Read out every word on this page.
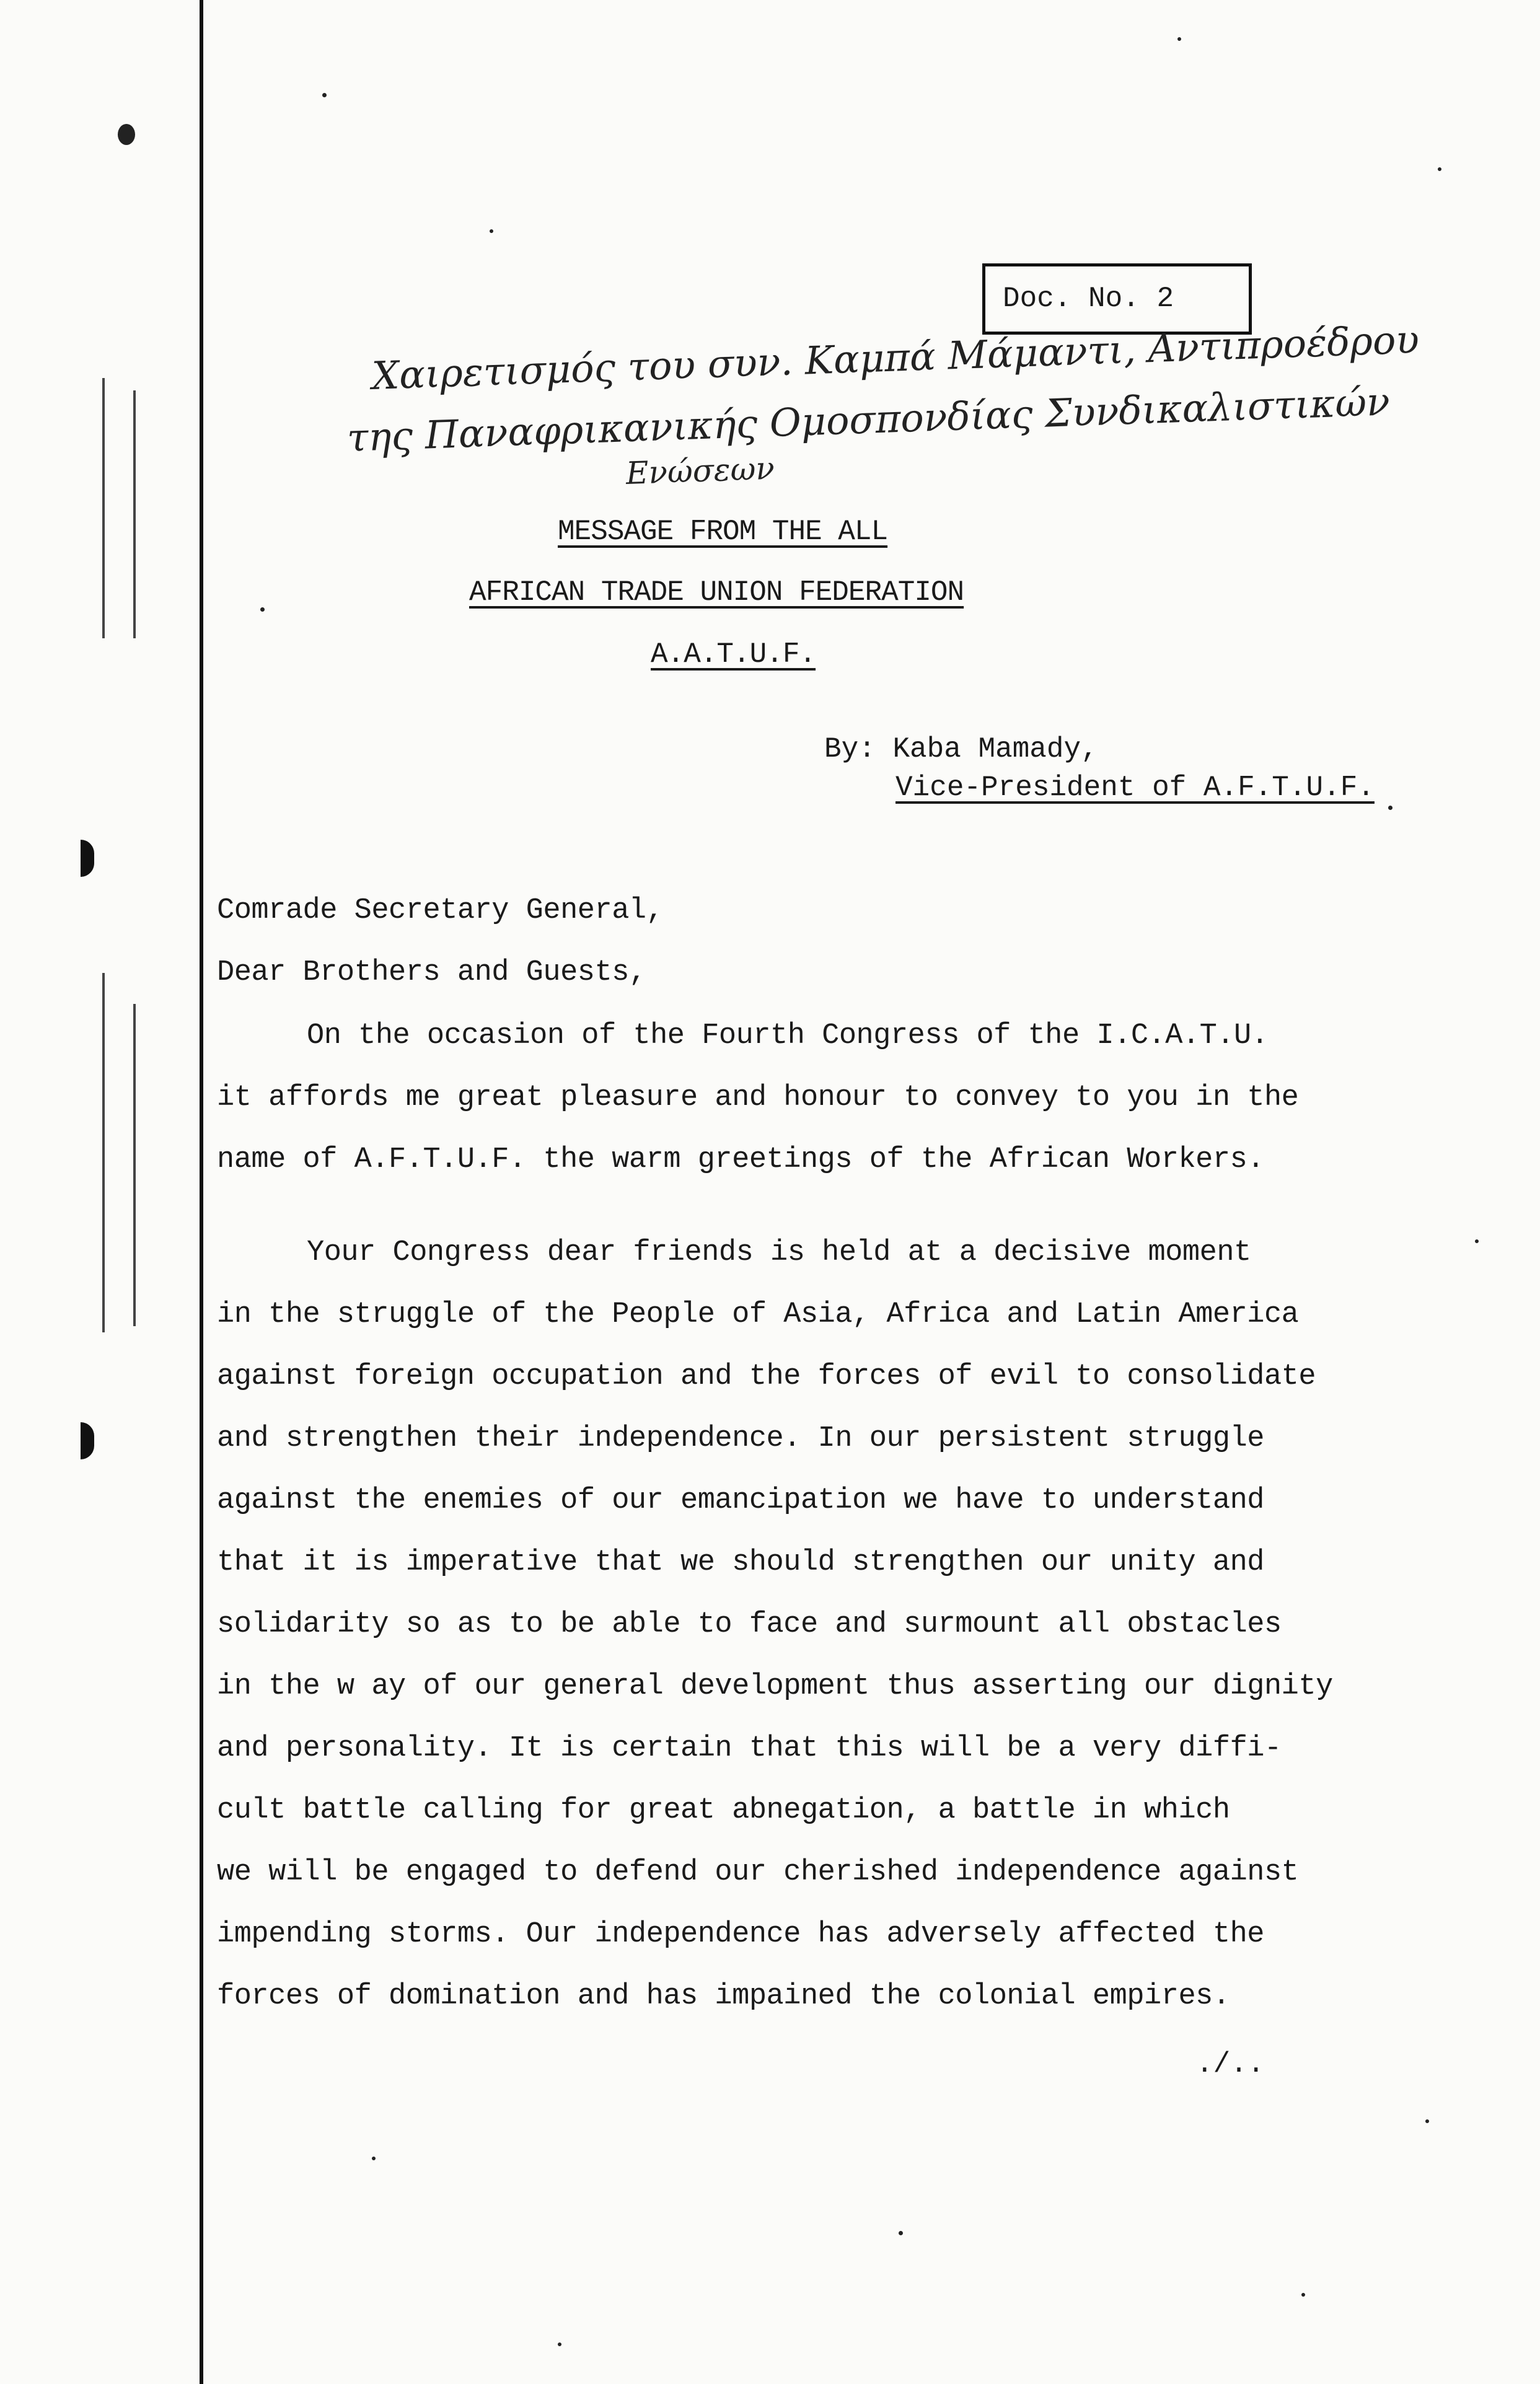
Doc. No. 2
Χαιρετισμός του συν. Καμπά Μάμαντι, Αντιπροέδρου
της Παναφρικανικής Ομοσπονδίας Συνδικαλιστικών
Ενώσεων
MESSAGE FROM THE ALL
AFRICAN TRADE UNION FEDERATION
A.A.T.U.F.
By: Kaba Mamady,
Vice-President of A.F.T.U.F.
Comrade Secretary General,
Dear Brothers and Guests,
On the occasion of the Fourth Congress of the I.C.A.T.U.
it affords me great pleasure and honour to convey to you in the
name of A.F.T.U.F. the warm greetings of the African Workers.
Your Congress dear friends is held at a decisive moment
in the struggle of the People of Asia, Africa and Latin America
against foreign occupation and the forces of evil to consolidate
and strengthen their independence. In our persistent struggle
against the enemies of our emancipation we have to understand
that it is imperative that we should strengthen our unity and
solidarity so as to be able to face and surmount all obstacles
in the w ay of our general development thus asserting our dignity
and personality. It is certain that this will be a very diffi-
cult battle calling for great abnegation, a battle in which
we will be engaged to defend our cherished independence against
impending storms. Our independence has adversely affected the
forces of domination and has impained the colonial empires.
./..
